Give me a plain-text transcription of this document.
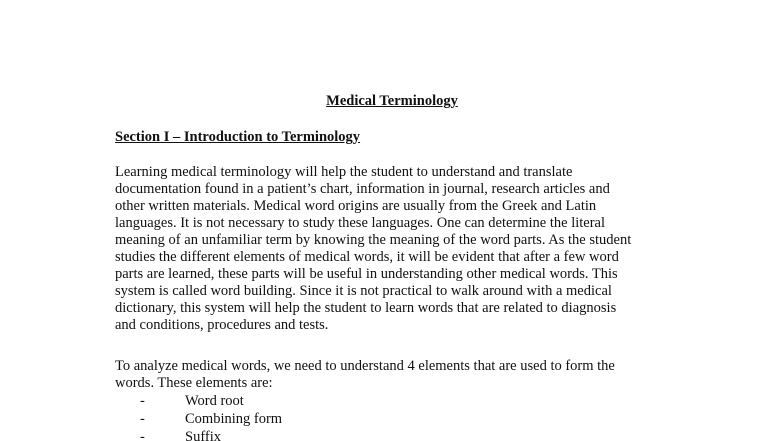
Medical Terminology
Section I – Introduction to Terminology
Learning medical terminology will help the student to understand and translate
documentation found in a patient’s chart, information in journal, research articles and
other written materials. Medical word origins are usually from the Greek and Latin
languages. It is not necessary to study these languages. One can determine the literal
meaning of an unfamiliar term by knowing the meaning of the word parts. As the student
studies the different elements of medical words, it will be evident that after a few word
parts are learned, these parts will be useful in understanding other medical words. This
system is called word building. Since it is not practical to walk around with a medical
dictionary, this system will help the student to learn words that are related to diagnosis
and conditions, procedures and tests.
To analyze medical words, we need to understand 4 elements that are used to form the
words. These elements are:
-	Word root
-	Combining form
-	Suffix
